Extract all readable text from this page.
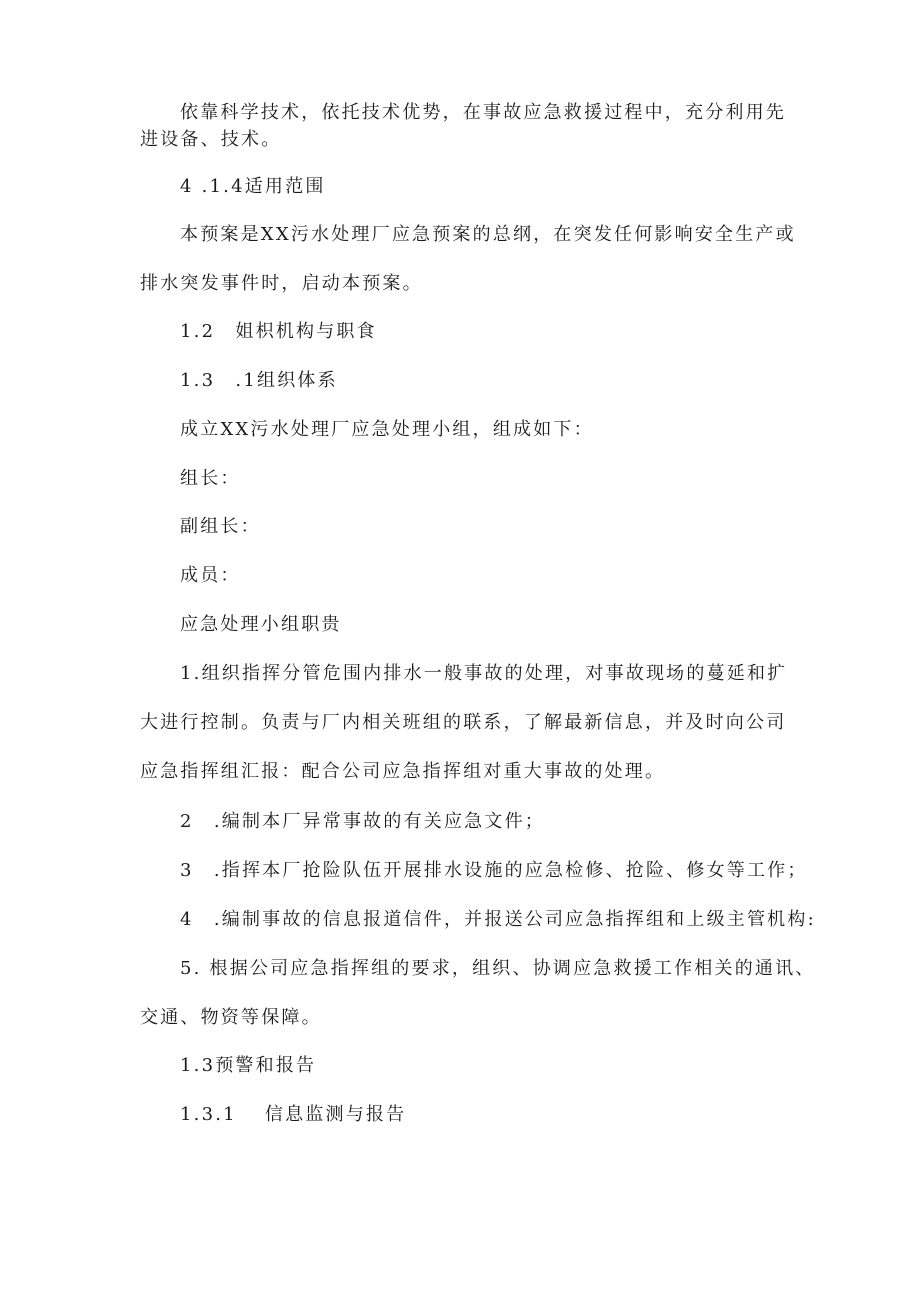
依靠科学技术，依托技术优势，在事故应急救援过程中，充分利用先
进设备、技术。
4 .1.4适用范围
本预案是XX污水处理厂应急预案的总纲，在突发任何影响安全生产或
排水突发事件时，启动本预案。
1.2　姐枳机构与职食
1.3　.1组织体系
成立XX污水处理厂应急处理小组，组成如下：
组长：
副组长：
成员：
应急处理小组职贵
1.组织指挥分管危围内排水一般事故的处理，对事故现场的蔓延和扩
大进行控制。负责与厂内相关班组的联系，了解最新信息，并及时向公司
应急指挥组汇报：配合公司应急指挥组对重大事故的处理。
2　.编制本厂异常事故的有关应急文件；
3　.指挥本厂抢险队伍开展排水设施的应急检修、抢险、修女等工作；
4　.编制事故的信息报道信件，并报送公司应急指挥组和上级主管机构:
5. 根据公司应急指挥组的要求，组织、协调应急救援工作相关的通讯、
交通、物资等保障。
1.3预警和报告
1.3.1　 信息监测与报告
